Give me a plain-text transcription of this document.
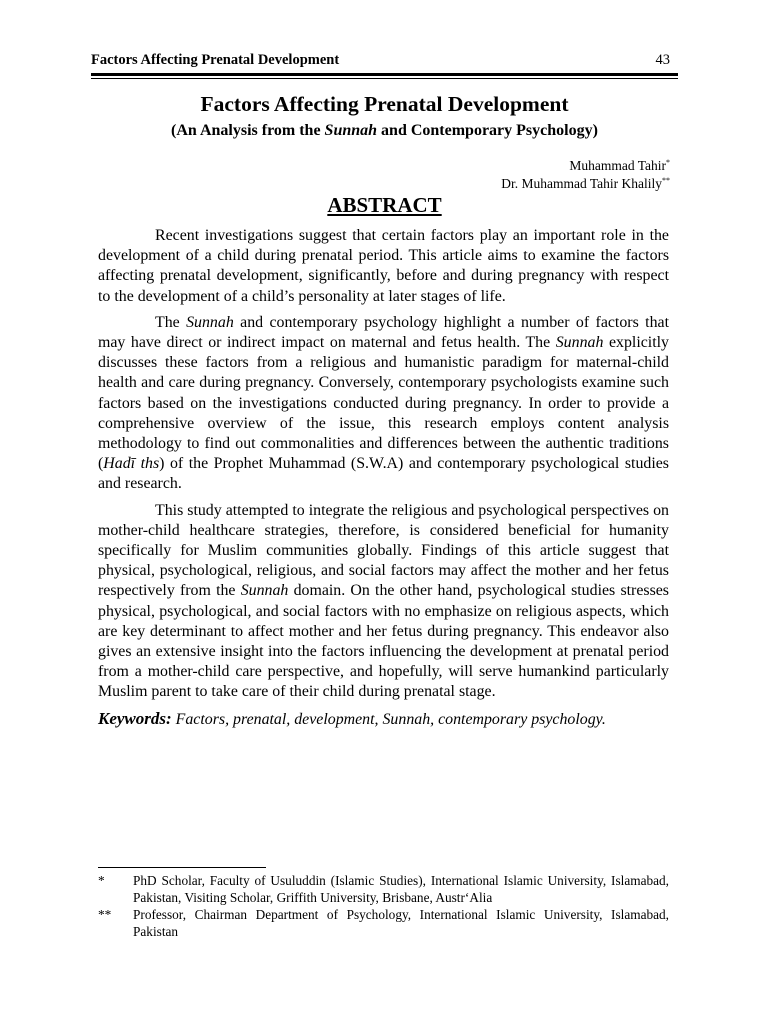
Factors Affecting Prenatal Development	43
Factors Affecting Prenatal Development
(An Analysis from the Sunnah and Contemporary Psychology)
Muhammad Tahir*
Dr. Muhammad Tahir Khalily**
ABSTRACT

Recent investigations suggest that certain factors play an important role in the development of a child during prenatal period. This article aims to examine the factors affecting prenatal development, significantly, before and during pregnancy with respect to the development of a child’s personality at later stages of life.

The Sunnah and contemporary psychology highlight a number of factors that may have direct or indirect impact on maternal and fetus health. The Sunnah explicitly discusses these factors from a religious and humanistic paradigm for maternal-child health and care during pregnancy. Conversely, contemporary psychologists examine such factors based on the investigations conducted during pregnancy. In order to provide a comprehensive overview of the issue, this research employs content analysis methodology to find out commonalities and differences between the authentic traditions (Hadī ths) of the Prophet Muhammad (S.W.A) and contemporary psychological studies and research.

This study attempted to integrate the religious and psychological perspectives on mother-child healthcare strategies, therefore, is considered beneficial for humanity specifically for Muslim communities globally. Findings of this article suggest that physical, psychological, religious, and social factors may affect the mother and her fetus respectively from the Sunnah domain. On the other hand, psychological studies stresses physical, psychological, and social factors with no emphasize on religious aspects, which are key determinant to affect mother and her fetus during pregnancy. This endeavor also gives an extensive insight into the factors influencing the development at prenatal period from a mother-child care perspective, and hopefully, will serve humankind particularly Muslim parent to take care of their child during prenatal stage.

Keywords: Factors, prenatal, development, Sunnah, contemporary psychology.

*	PhD Scholar, Faculty of Usuluddin (Islamic Studies), International Islamic University, Islamabad, Pakistan, Visiting Scholar, Griffith University, Brisbane, Austr‘Alia
**	Professor, Chairman Department of Psychology, International Islamic University, Islamabad, Pakistan
